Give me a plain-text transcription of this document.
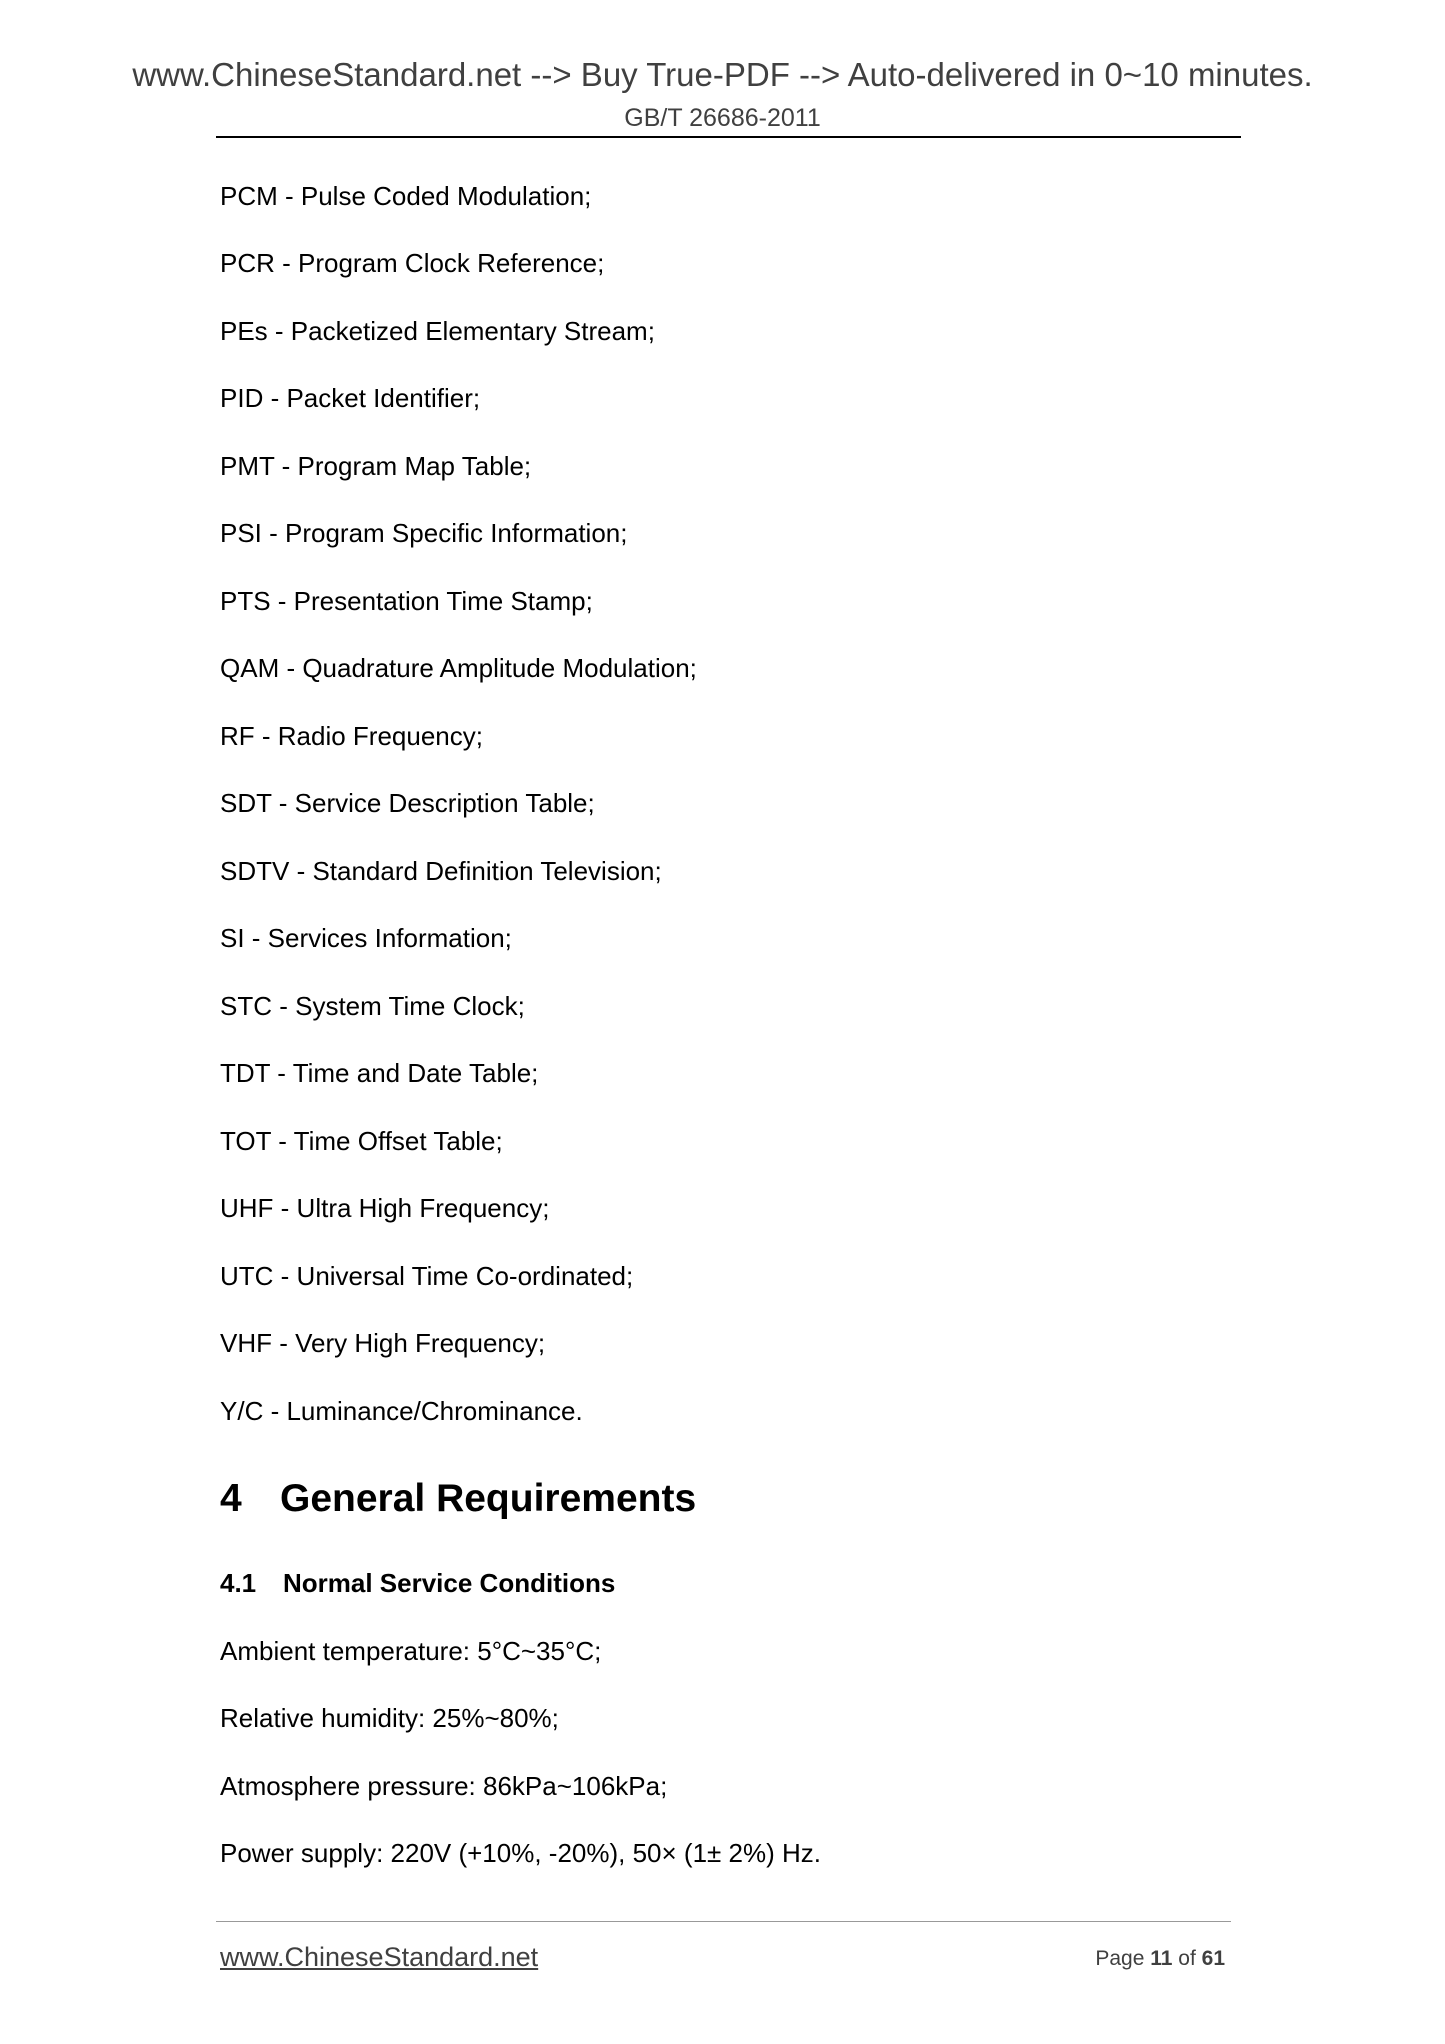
www.ChineseStandard.net --> Buy True-PDF --> Auto-delivered in 0~10 minutes.
GB/T 26686-2011
PCM - Pulse Coded Modulation;
PCR - Program Clock Reference;
PEs - Packetized Elementary Stream;
PID - Packet Identifier;
PMT - Program Map Table;
PSI - Program Specific Information;
PTS - Presentation Time Stamp;
QAM - Quadrature Amplitude Modulation;
RF - Radio Frequency;
SDT - Service Description Table;
SDTV - Standard Definition Television;
SI - Services Information;
STC - System Time Clock;
TDT - Time and Date Table;
TOT - Time Offset Table;
UHF - Ultra High Frequency;
UTC - Universal Time Co-ordinated;
VHF - Very High Frequency;
Y/C - Luminance/Chrominance.
4 General Requirements
4.1 Normal Service Conditions
Ambient temperature: 5°C~35°C;
Relative humidity: 25%~80%;
Atmosphere pressure: 86kPa~106kPa;
Power supply: 220V (+10%, -20%), 50× (1± 2%) Hz.
www.ChineseStandard.net	Page 11 of 61
